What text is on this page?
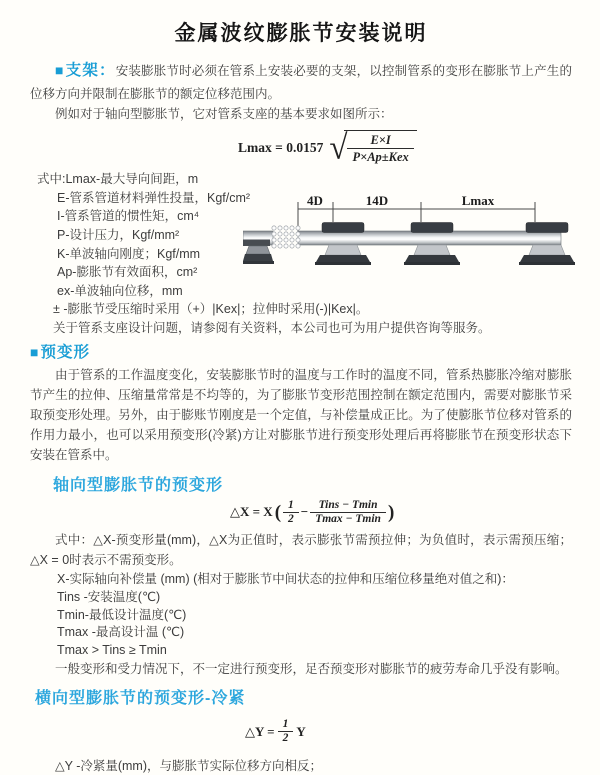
金属波纹膨胀节安装说明

■ 支架：安装膨胀节时必须在管系上安装必要的支架，以控制管系的变形在膨胀节上产生的位移方向并限制在膨胀节的额定位移范围内。

例如对于轴向型膨胀节，它对管系支座的基本要求如图所示：

Lmax = 0.0157 √ $\frac{E\times I}{\text{P×Ap±Kex}}$
式中:Lmax-最大导向间距，m
E-管系管道材料弹性投量，Kgf/cm²
I-管系管道的惯性矩，cm⁴
P-设计压力，Kgf/mm²
K-单波轴向刚度；Kgf/mm
Ap-膨胀节有效面积，cm²
ex-单波轴向位移，mm
± -膨胀节受压缩时采用（+）|Kex|；拉伸时采用(-)|Kex|。
关于管系支座设计问题，请参阅有关资料，本公司也可为用户提供咨询等服务。
■ 预变形

由于管系的工作温度变化，安装膨胀节时的温度与工作时的温度不同，管系热膨胀冷缩对膨胀节产生的拉伸、压缩量常常是不均等的，为了膨胀节变形范围控制在额定范围内，需要对膨胀节采取预变形处理。另外，由于膨账节刚度是一个定值，与补偿量成正比。为了使膨胀节位移对管系的作用力最小，也可以采用预变形(冷紧)方让对膨胀节进行预变形处理后再将膨胀节在预变形状态下安装在管系中。

轴向型膨胀节的预变形
△X = X ( $\frac{1}{2} - \frac{\text{Tins − Tmin}}{Tmax - Tmin}$ )

式中：△X-预变形量(mm)，△X为正值时，表示膨张节需预拉伸；为负值时，表示需预压缩；△X = 0时表示不需预变形。

X-实际轴向补偿量 (mm) (相对于膨胀节中间状态的拉伸和压缩位移量绝对值之和)：
Tins -安装温度(℃)
Tmin-最低设计温度(℃)
Tmax -最高设计温 (℃)
Tmax > Tins ≥ Tmin

一般变形和受力情况下，不一定进行预变形，足否预变形对膨胀节的疲劳寿命几乎没有影响。

横向型膨胀节的预变形-冷紧
△Y = $\frac{1}{2}$ Y
△Y -冷紧量(mm)，与膨胀节实际位移方向相反；
4D	14D	Lmax
